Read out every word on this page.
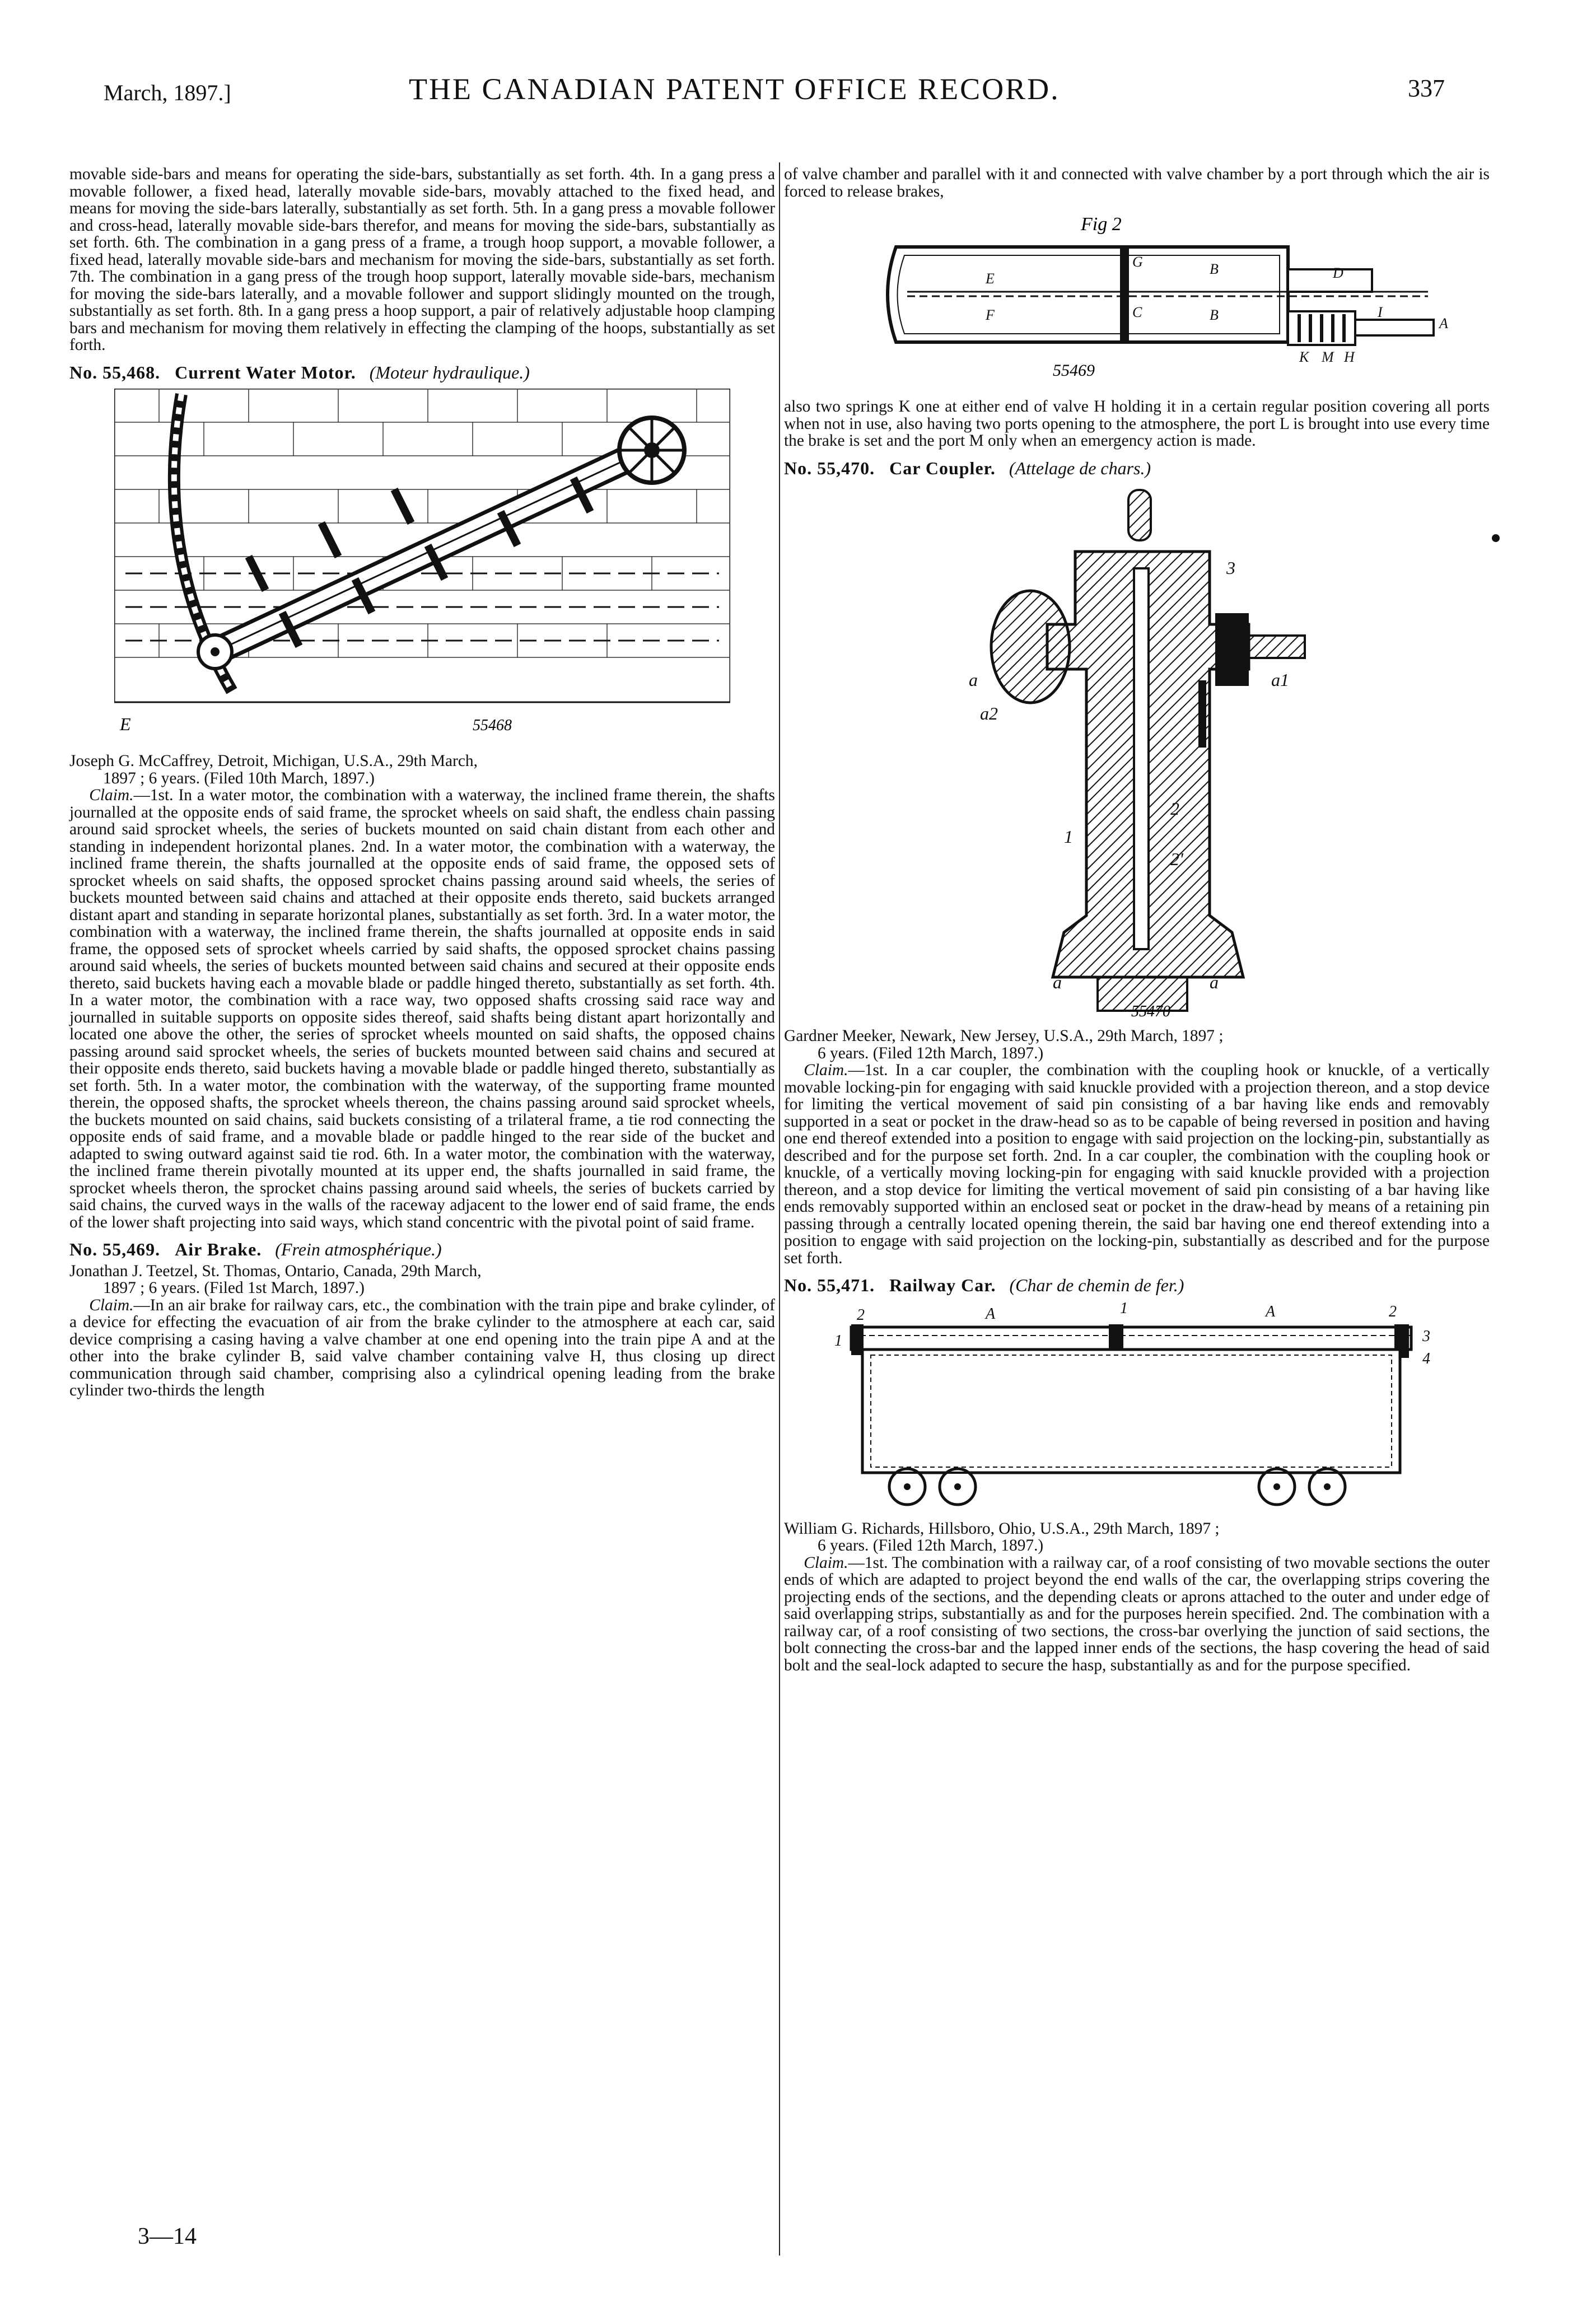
March, 1897.]	THE CANADIAN PATENT OFFICE RECORD.	337

movable side-bars and means for operating the side-bars, substantially as set forth. 4th. In a gang press a movable follower, a fixed head, laterally movable side-bars, movably attached to the fixed head, and means for moving the side-bars laterally, substantially as set forth. 5th. In a gang press a movable follower and cross-head, laterally movable side-bars therefor, and means for moving the side-bars, substantially as set forth. 6th. The combination in a gang press of a frame, a trough hoop support, a movable follower, a fixed head, laterally movable side-bars and mechanism for moving the side-bars, substantially as set forth. 7th. The combination in a gang press of the trough hoop support, laterally movable side-bars, mechanism for moving the side-bars laterally, and a movable follower and support slidingly mounted on the trough, substantially as set forth. 8th. In a gang press a hoop support, a pair of relatively adjustable hoop clamping bars and mechanism for moving them relatively in effecting the clamping of the hoops, substantially as set forth.

No. 55,468. Current Water Motor. (Moteur hydraulique.)
E	55468

Joseph G. McCaffrey, Detroit, Michigan, U.S.A., 29th March,
1897 ; 6 years. (Filed 10th March, 1897.)

Claim.—1st. In a water motor, the combination with a waterway, the inclined frame therein, the shafts journalled at the opposite ends of said frame, the sprocket wheels on said shaft, the endless chain passing around said sprocket wheels, the series of buckets mounted on said chain distant from each other and standing in independent horizontal planes. 2nd. In a water motor, the combination with a waterway, the inclined frame therein, the shafts journalled at the opposite ends of said frame, the opposed sets of sprocket wheels on said shafts, the opposed sprocket chains passing around said wheels, the series of buckets mounted between said chains and attached at their opposite ends thereto, said buckets arranged distant apart and standing in separate horizontal planes, substantially as set forth. 3rd. In a water motor, the combination with a waterway, the inclined frame therein, the shafts journalled at opposite ends in said frame, the opposed sets of sprocket wheels carried by said shafts, the opposed sprocket chains passing around said wheels, the series of buckets mounted between said chains and secured at their opposite ends thereto, said buckets having each a movable blade or paddle hinged thereto, substantially as set forth. 4th. In a water motor, the combination with a race way, two opposed shafts crossing said race way and journalled in suitable supports on opposite sides thereof, said shafts being distant apart horizontally and located one above the other, the series of sprocket wheels mounted on said shafts, the opposed chains passing around said sprocket wheels, the series of buckets mounted between said chains and secured at their opposite ends thereto, said buckets having a movable blade or paddle hinged thereto, substantially as set forth. 5th. In a water motor, the combination with the waterway, of the supporting frame mounted therein, the opposed shafts, the sprocket wheels thereon, the chains passing around said sprocket wheels, the buckets mounted on said chains, said buckets consisting of a trilateral frame, a tie rod connecting the opposite ends of said frame, and a movable blade or paddle hinged to the rear side of the bucket and adapted to swing outward against said tie rod. 6th. In a water motor, the combination with the waterway, the inclined frame therein pivotally mounted at its upper end, the shafts journalled in said frame, the sprocket wheels theron, the sprocket chains passing around said wheels, the series of buckets carried by said chains, the curved ways in the walls of the raceway adjacent to the lower end of said frame, the ends of the lower shaft projecting into said ways, which stand concentric with the pivotal point of said frame.

No. 55,469. Air Brake. (Frein atmosphérique.)

Jonathan J. Teetzel, St. Thomas, Ontario, Canada, 29th March,
1897 ; 6 years. (Filed 1st March, 1897.)

Claim.—In an air brake for railway cars, etc., the combination with the train pipe and brake cylinder, of a device for effecting the evacuation of air from the brake cylinder to the atmosphere at each car, said device comprising a casing having a valve chamber at one end opening into the train pipe A and at the other into the brake cylinder B, said valve chamber containing valve H, thus closing up direct communication through said chamber, comprising also a cylindrical opening leading from the brake cylinder two-thirds the length

3—14

of valve chamber and parallel with it and connected with valve chamber by a port through which the air is forced to release brakes,

Fig 2
G	B	D
E
F	C	B	I
A
K M H
55469

also two springs K one at either end of valve H holding it in a certain regular position covering all ports when not in use, also having two ports opening to the atmosphere, the port L is brought into use every time the brake is set and the port M only when an emergency action is made.

No. 55,470. Car Coupler. (Attelage de chars.)
3
a	a1
a2
1
2
2'
a	a
55470

Gardner Meeker, Newark, New Jersey, U.S.A., 29th March, 1897 ;
6 years. (Filed 12th March, 1897.)

Claim.—1st. In a car coupler, the combination with the coupling hook or knuckle, of a vertically movable locking-pin for engaging with said knuckle provided with a projection thereon, and a stop device for limiting the vertical movement of said pin consisting of a bar having like ends and removably supported in a seat or pocket in the draw-head so as to be capable of being reversed in position and having one end thereof extended into a position to engage with said projection on the locking-pin, substantially as described and for the purpose set forth. 2nd. In a car coupler, the combination with the coupling hook or knuckle, of a vertically moving locking-pin for engaging with said knuckle provided with a projection thereon, and a stop device for limiting the vertical movement of said pin consisting of a bar having like ends removably supported within an enclosed seat or pocket in the draw-head by means of a retaining pin passing through a centrally located opening therein, the said bar having one end thereof extending into a position to engage with said projection on the locking-pin, substantially as described and for the purpose set forth.

No. 55,471. Railway Car. (Char de chemin de fer.)
2
1
A	A	2
3
4
1

William G. Richards, Hillsboro, Ohio, U.S.A., 29th March, 1897 ;
6 years. (Filed 12th March, 1897.)

Claim.—1st. The combination with a railway car, of a roof consisting of two movable sections the outer ends of which are adapted to project beyond the end walls of the car, the overlapping strips covering the projecting ends of the sections, and the depending cleats or aprons attached to the outer and under edge of said overlapping strips, substantially as and for the purposes herein specified. 2nd. The combination with a railway car, of a roof consisting of two sections, the cross-bar overlying the junction of said sections, the bolt connecting the cross-bar and the lapped inner ends of the sections, the hasp covering the head of said bolt and the seal-lock adapted to secure the hasp, substantially as and for the purpose specified.
